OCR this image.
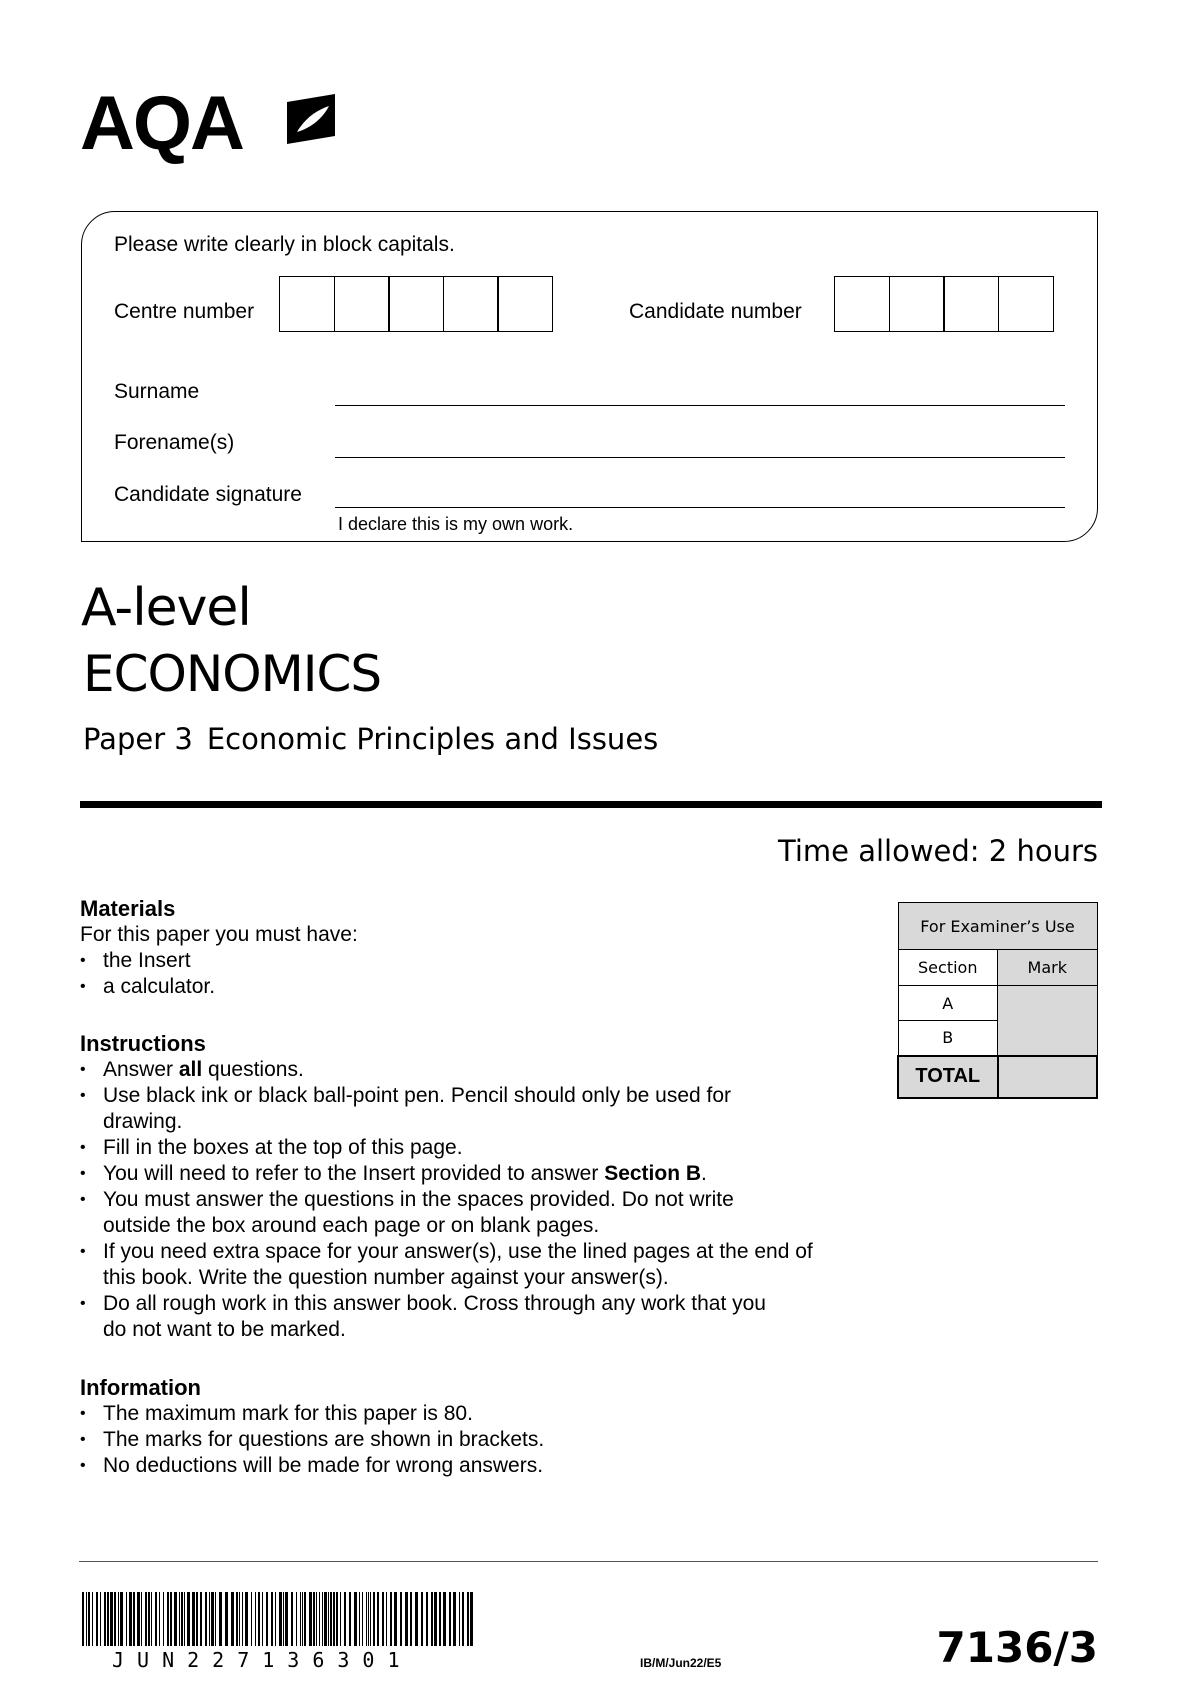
AQA
Please write clearly in block capitals.
Centre number	Candidate number
Surname
Forename(s)
Candidate signature
I declare this is my own work.
A-level
ECONOMICS
Paper 3 Economic Principles and Issues
Time allowed: 2 hours
Materials
For this paper you must have:
• the Insert
• a calculator.
Instructions
• Answer all questions.
• Use black ink or black ball-point pen. Pencil should only be used for
drawing.
• Fill in the boxes at the top of this page.
• You will need to refer to the Insert provided to answer Section B.
• You must answer the questions in the spaces provided. Do not write
outside the box around each page or on blank pages.
• If you need extra space for your answer(s), use the lined pages at the end of
this book. Write the question number against your answer(s).
• Do all rough work in this answer book. Cross through any work that you
do not want to be marked.
Information
• The maximum mark for this paper is 80.
• The marks for questions are shown in brackets.
• No deductions will be made for wrong answers.
For Examiner’s Use	
Section	Mark
A	
B	
TOTAL	
JUN227136301	IB/M/Jun22/E5	7136/3
